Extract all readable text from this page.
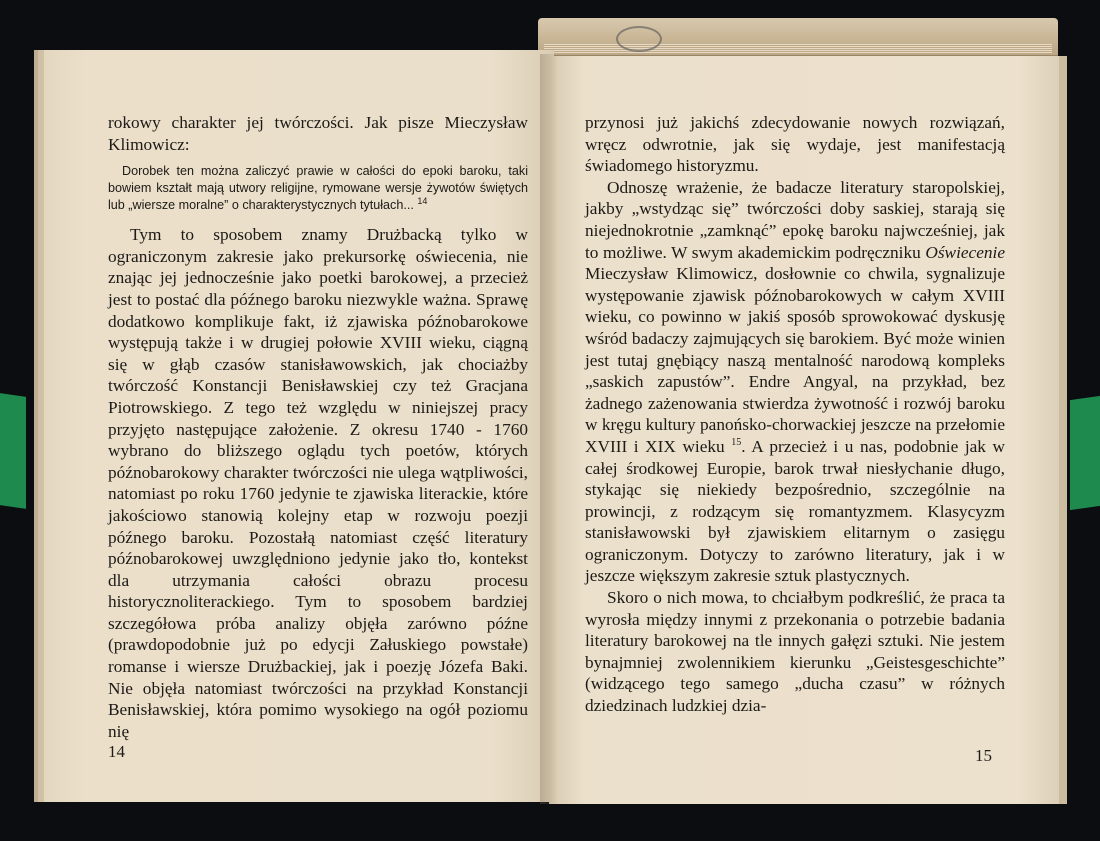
rokowy charakter jej twórczości. Jak pisze Mieczysław Klimowicz:

Dorobek ten można zaliczyć prawie w całości do epoki baroku, taki bowiem kształt mają utwory religijne, rymowane wersje żywotów świętych lub „wiersze moralne” o charakterystycznych tytułach... $^{14}$

Tym to sposobem znamy Drużbacką tylko w ograniczonym zakresie jako prekursorkę oświecenia, nie znając jej jednocześnie jako poetki barokowej, a przecież jest to postać dla późnego baroku niezwykle ważna. Sprawę dodatkowo komplikuje fakt, iż zjawiska późnobarokowe występują także i w drugiej połowie XVIII wieku, ciągną się w głąb czasów stanisławowskich, jak chociażby twórczość Konstancji Benisławskiej czy też Gracjana Piotrowskiego. Z tego też względu w niniejszej pracy przyjęto następujące założenie. Z okresu 1740 - 1760 wybrano do bliższego oglądu tych poetów, których późnobarokowy charakter twórczości nie ulega wątpliwości, natomiast po roku 1760 jedynie te zjawiska literackie, które jakościowo stanowią kolejny etap w rozwoju poezji późnego baroku. Pozostałą natomiast część literatury późnobarokowej uwzględniono jedynie jako tło, kontekst dla utrzymania całości obrazu procesu historycznoliterackiego. Tym to sposobem bardziej szczegółowa próba analizy objęła zarówno późne (prawdopodobnie już po edycji Załuskiego powstałe) romanse i wiersze Drużbackiej, jak i poezję Józefa Baki. Nie objęła natomiast twórczości na przykład Konstancji Benisławskiej, która pomimo wysokiego na ogół poziomu nię

przynosi już jakichś zdecydowanie nowych rozwiązań, wręcz odwrotnie, jak się wydaje, jest manifestacją świadomego historyzmu.

Odnoszę wrażenie, że badacze literatury staropolskiej, jakby „wstydząc się” twórczości doby saskiej, starają się niejednokrotnie „zamknąć” epokę baroku najwcześniej, jak to możliwe. W swym akademickim podręczniku Oświecenie Mieczysław Klimowicz, dosłownie co chwila, sygnalizuje występowanie zjawisk późnobarokowych w całym XVIII wieku, co powinno w jakiś sposób sprowokować dyskusję wśród badaczy zajmujących się barokiem. Być może winien jest tutaj gnębiący naszą mentalność narodową kompleks „saskich zapustów”. Endre Angyal, na przykład, bez żadnego zażenowania stwierdza żywotność i rozwój baroku w kręgu kultury panońsko-chorwackiej jeszcze na przełomie XVIII i XIX wieku $^{15}$. A przecież i u nas, podobnie jak w całej środkowej Europie, barok trwał niesłychanie długo, stykając się niekiedy bezpośrednio, szczególnie na prowincji, z rodzącym się romantyzmem. Klasycyzm stanisławowski był zjawiskiem elitarnym o zasięgu ograniczonym. Dotyczy to zarówno literatury, jak i w jeszcze większym zakresie sztuk plastycznych.

Skoro o nich mowa, to chciałbym podkreślić, że praca ta wyrosła między innymi z przekonania o potrzebie badania literatury barokowej na tle innych gałęzi sztuki. Nie jestem bynajmniej zwolennikiem kierunku „Geistesgeschichte” (widzącego tego samego „ducha czasu” w różnych dziedzinach ludzkiej dzia-

14	15
